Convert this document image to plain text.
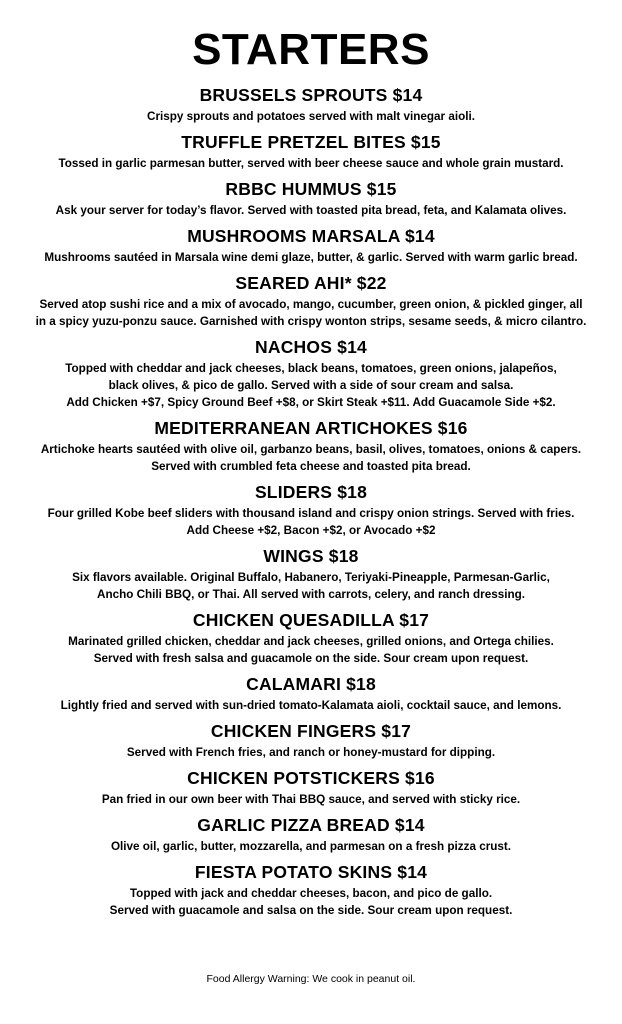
STARTERS
BRUSSELS SPROUTS $14
Crispy sprouts and potatoes served with malt vinegar aioli.
TRUFFLE PRETZEL BITES $15
Tossed in garlic parmesan butter, served with beer cheese sauce and whole grain mustard.
RBBC HUMMUS $15
Ask your server for today’s flavor. Served with toasted pita bread, feta, and Kalamata olives.
MUSHROOMS MARSALA $14
Mushrooms sautéed in Marsala wine demi glaze, butter, & garlic. Served with warm garlic bread.
SEARED AHI* $22
Served atop sushi rice and a mix of avocado, mango, cucumber, green onion, & pickled ginger, all
in a spicy yuzu-ponzu sauce. Garnished with crispy wonton strips, sesame seeds, & micro cilantro.
NACHOS $14
Topped with cheddar and jack cheeses, black beans, tomatoes, green onions, jalapeños,
black olives, & pico de gallo. Served with a side of sour cream and salsa.
Add Chicken +$7, Spicy Ground Beef +$8, or Skirt Steak +$11. Add Guacamole Side +$2.
MEDITERRANEAN ARTICHOKES $16
Artichoke hearts sautéed with olive oil, garbanzo beans, basil, olives, tomatoes, onions & capers.
Served with crumbled feta cheese and toasted pita bread.
SLIDERS $18
Four grilled Kobe beef sliders with thousand island and crispy onion strings. Served with fries.
Add Cheese +$2, Bacon +$2, or Avocado +$2
WINGS $18
Six flavors available. Original Buffalo, Habanero, Teriyaki-Pineapple, Parmesan-Garlic,
Ancho Chili BBQ, or Thai. All served with carrots, celery, and ranch dressing.
CHICKEN QUESADILLA $17
Marinated grilled chicken, cheddar and jack cheeses, grilled onions, and Ortega chilies.
Served with fresh salsa and guacamole on the side. Sour cream upon request.
CALAMARI $18
Lightly fried and served with sun-dried tomato-Kalamata aioli, cocktail sauce, and lemons.
CHICKEN FINGERS $17
Served with French fries, and ranch or honey-mustard for dipping.
CHICKEN POTSTICKERS $16
Pan fried in our own beer with Thai BBQ sauce, and served with sticky rice.
GARLIC PIZZA BREAD $14
Olive oil, garlic, butter, mozzarella, and parmesan on a fresh pizza crust.
FIESTA POTATO SKINS $14
Topped with jack and cheddar cheeses, bacon, and pico de gallo.
Served with guacamole and salsa on the side. Sour cream upon request.
Food Allergy Warning: We cook in peanut oil.
